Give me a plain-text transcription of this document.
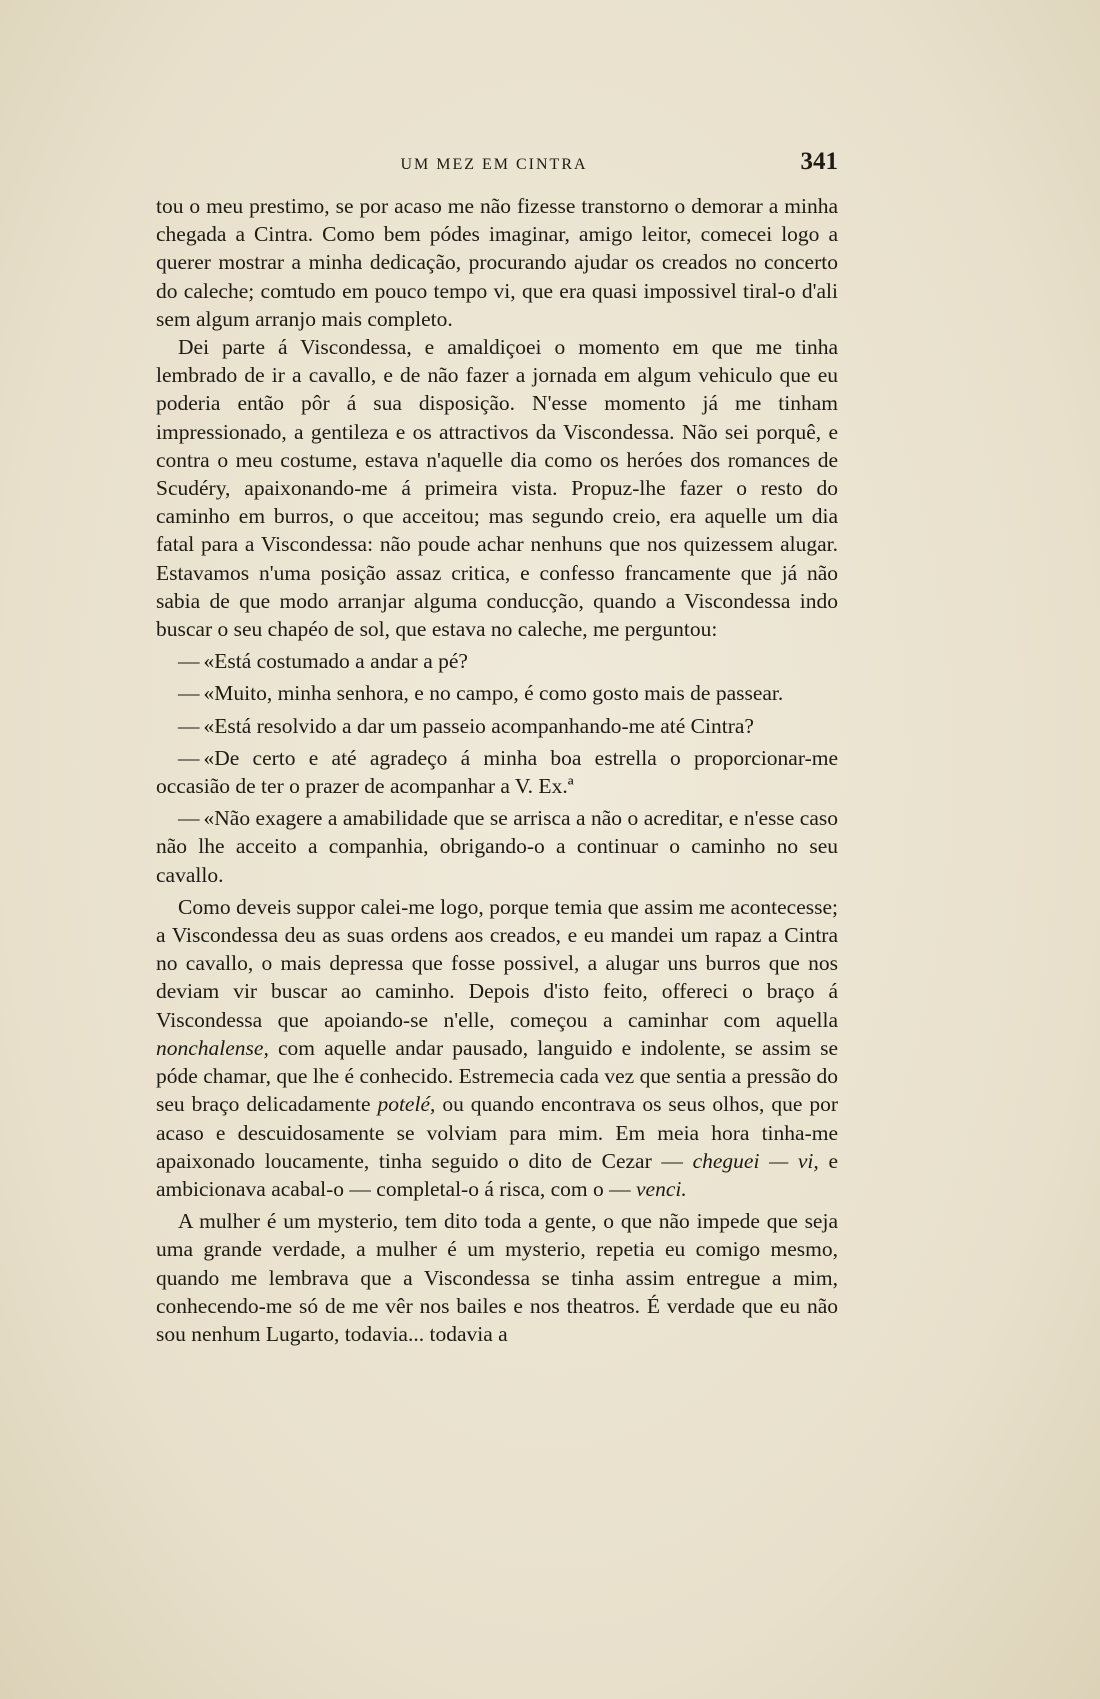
UM MEZ EM CINTRA	341

tou o meu prestimo, se por acaso me não fizesse transtorno o demorar a minha chegada a Cintra. Como bem pódes imaginar, amigo leitor, comecei logo a querer mostrar a minha dedicação, procurando ajudar os creados no concerto do caleche; comtudo em pouco tempo vi, que era quasi impossivel tiral-o d'ali sem algum arranjo mais completo.

Dei parte á Viscondessa, e amaldiçoei o momento em que me tinha lembrado de ir a cavallo, e de não fazer a jornada em algum vehiculo que eu poderia então pôr á sua disposição. N'esse momento já me tinham impressionado, a gentileza e os attractivos da Viscondessa. Não sei porquê, e contra o meu costume, estava n'aquelle dia como os heróes dos romances de Scudéry, apaixonando-me á primeira vista. Propuz-lhe fazer o resto do caminho em burros, o que acceitou; mas segundo creio, era aquelle um dia fatal para a Viscondessa: não poude achar nenhuns que nos quizessem alugar. Estavamos n'uma posição assaz critica, e confesso francamente que já não sabia de que modo arranjar alguma conducção, quando a Viscondessa indo buscar o seu chapéo de sol, que estava no caleche, me perguntou:

— «Está costumado a andar a pé?

— «Muito, minha senhora, e no campo, é como gosto mais de passear.

— «Está resolvido a dar um passeio acompanhando-me até Cintra?

— «De certo e até agradeço á minha boa estrella o proporcionar-me occasião de ter o prazer de acompanhar a V. Ex.ª

— «Não exagere a amabilidade que se arrisca a não o acreditar, e n'esse caso não lhe acceito a companhia, obrigando-o a continuar o caminho no seu cavallo.

Como deveis suppor calei-me logo, porque temia que assim me acontecesse; a Viscondessa deu as suas ordens aos creados, e eu mandei um rapaz a Cintra no cavallo, o mais depressa que fosse possivel, a alugar uns burros que nos deviam vir buscar ao caminho. Depois d'isto feito, offereci o braço á Viscondessa que apoiando-se n'elle, começou a caminhar com aquella nonchalense, com aquelle andar pausado, languido e indolente, se assim se póde chamar, que lhe é conhecido. Estremecia cada vez que sentia a pressão do seu braço delicadamente potelé, ou quando encontrava os seus olhos, que por acaso e descuidosamente se volviam para mim. Em meia hora tinha-me apaixonado loucamente, tinha seguido o dito de Cezar — cheguei — vi, e ambicionava acabal-o — completal-o á risca, com o — venci.

A mulher é um mysterio, tem dito toda a gente, o que não impede que seja uma grande verdade, a mulher é um mysterio, repetia eu comigo mesmo, quando me lembrava que a Viscondessa se tinha assim entregue a mim, conhecendo-me só de me vêr nos bailes e nos theatros. É verdade que eu não sou nenhum Lugarto, todavia... todavia a
